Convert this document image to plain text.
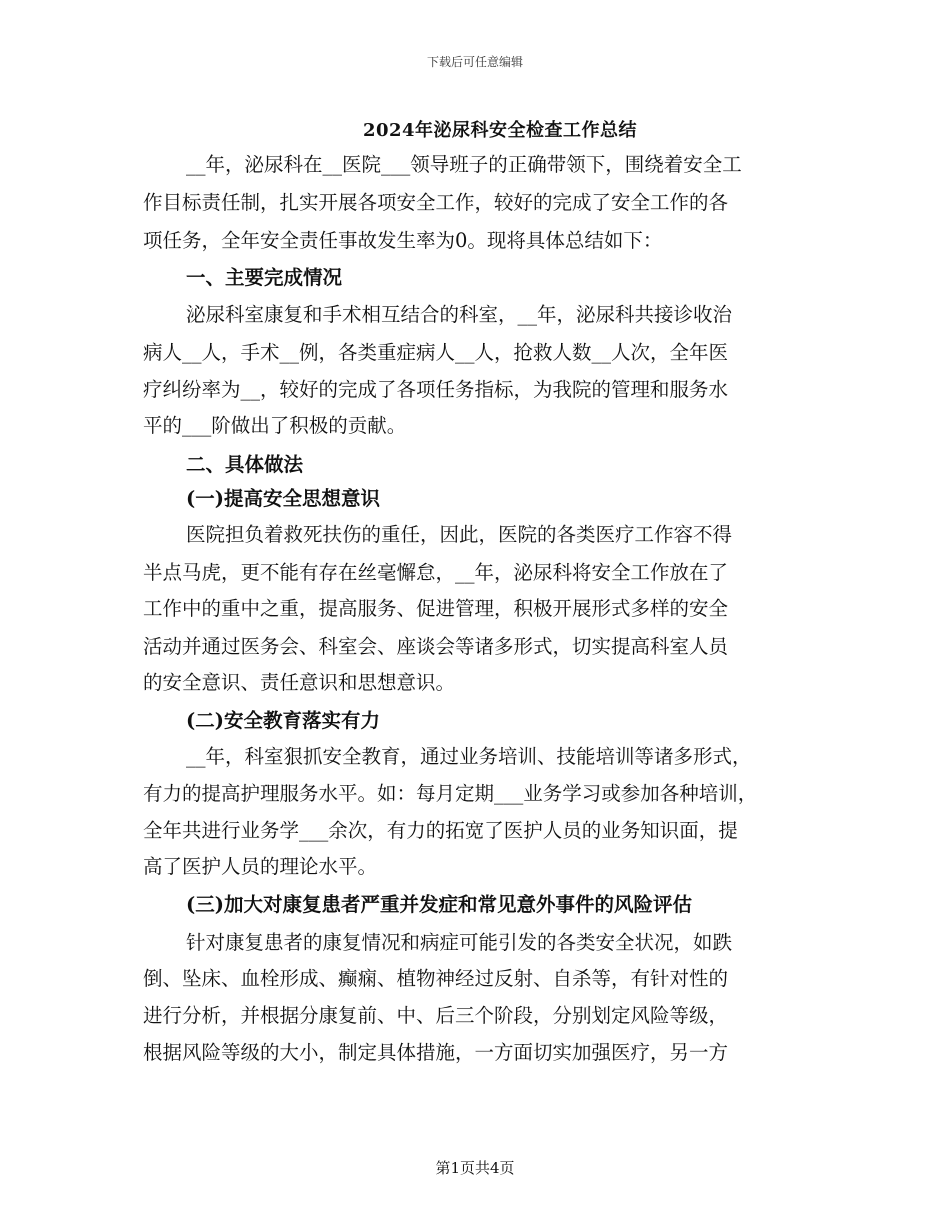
下载后可任意编辑
2024年泌尿科安全检查工作总结
__年，泌尿科在__医院___领导班子的正确带领下，围绕着安全工
作目标责任制，扎实开展各项安全工作，较好的完成了安全工作的各
项任务，全年安全责任事故发生率为0。现将具体总结如下：
一、主要完成情况
泌尿科室康复和手术相互结合的科室，__年，泌尿科共接诊收治
病人__人，手术__例，各类重症病人__人，抢救人数__人次，全年医
疗纠纷率为__，较好的完成了各项任务指标，为我院的管理和服务水
平的___阶做出了积极的贡献。
二、具体做法
(一)提高安全思想意识
医院担负着救死扶伤的重任，因此，医院的各类医疗工作容不得
半点马虎，更不能有存在丝毫懈怠，__年，泌尿科将安全工作放在了
工作中的重中之重，提高服务、促进管理，积极开展形式多样的安全
活动并通过医务会、科室会、座谈会等诸多形式，切实提高科室人员
的安全意识、责任意识和思想意识。
(二)安全教育落实有力
__年，科室狠抓安全教育，通过业务培训、技能培训等诸多形式，
有力的提高护理服务水平。如：每月定期___业务学习或参加各种培训，
全年共进行业务学___余次，有力的拓宽了医护人员的业务知识面，提
高了医护人员的理论水平。
(三)加大对康复患者严重并发症和常见意外事件的风险评估
针对康复患者的康复情况和病症可能引发的各类安全状况，如跌
倒、坠床、血栓形成、癫痫、植物神经过反射、自杀等，有针对性的
进行分析，并根据分康复前、中、后三个阶段，分别划定风险等级，
根据风险等级的大小，制定具体措施，一方面切实加强医疗，另一方
第1页共4页
